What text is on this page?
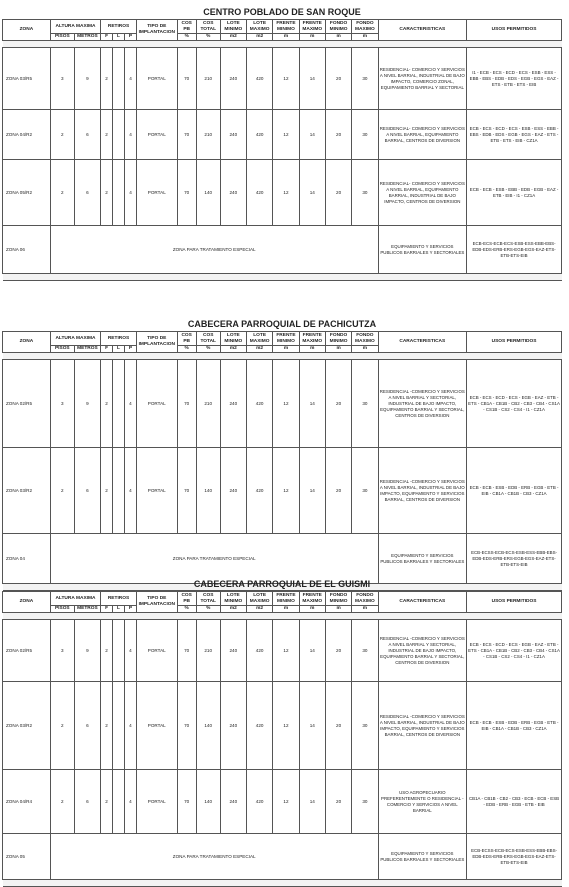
CENTRO POBLADO DE SAN ROQUE																
ZONA	ALTURA MAXIMA		RETIROS			TIPO DE IMPLANTACION	COS PB	COS TOTAL	LOTE MINIMO	LOTE MAXIMO	FRENTE MINIMO	FRENTE MAXIMO	FONDO MINIMO	FONDO MAXIMO	CARACTERISTICAS	USOS PERMITIDOS
	PISOS	METROS	F	L	P		%	%	m2	m2	m	m	m	m		

ZONA 03/R5	3	9	2		4	PORTAL	70	210	240	420	12	14	20	30	RESIDENCIAL- COMERCIO Y SERVICIOS A NIVEL BARRIAL, INDUSTRIAL DE BAJO IMPACTO, COMERCIO ZONAL, EQUIPAMIENTO BARRIAL Y SECTORIAL	I1 - ECB - ECS - ECD - ECS - ESB - ESS - EBB - EBS - EDB - EDS - EGB - EGS - EAZ - ETS - ETB - ETS - EIB
ZONA 04/R2	2	6	2		4	PORTAL	70	210	240	420	12	14	20	30	RESIDENCIAL- COMERCIO Y SERVICIOS A NIVEL BARRIAL, EQUIPAMIENTO BARRIAL, CENTROS DE DIVERSION	ECB - ECS - ECD - ECS - ESB - ESS - EBB - EBS - EDB - EDS - EGB - EGS - EAZ - ETS - ETB - ETS - EIB - CZ1A
ZONA 05/R2	2	6	2		4	PORTAL	70	140	240	420	12	14	20	30	RESIDENCIAL- COMERCIO Y SERVICIOS A NIVEL BARRIAL, EQUIPAMIENTO BARRIAL, INDUSTRIAL DE BAJO IMPACTO, CENTROS DE DIVERSION	ECB - ECB - ESB - EBB - EDB - EGB - EAZ - ETB - EIB - I1 - CZ1A
ZONA 06	ZONA PARA TRATAMIENTO ESPECIAL														EQUIPAMIENTO Y SERVICIOS PUBLICOS BARRIALES Y SECTORIALES	ECB-ECS-ECB-ECS-ESB-ESS-EBB-EBS-EDB-EDS-ERB-ERS-EGB-EGS-EAZ-ETS-ETB-ETS-EIB

CABECERA PARROQUIAL DE PACHICUTZA																
ZONA	ALTURA MAXIMA		RETIROS			TIPO DE IMPLANTACION	COS PB	COS TOTAL	LOTE MINIMO	LOTE MAXIMO	FRENTE MINIMO	FRENTE MAXIMO	FONDO MINIMO	FONDO MAXIMO	CARACTERISTICAS	USOS PERMITIDOS
	PISOS	METROS	F	L	P		%	%	m2	m2	m	m	m	m		

ZONA 02/R5	3	9	2		4	PORTAL	70	210	240	420	12	14	20	30	RESIDENCIAL -COMERCIO Y SERVICIOS A NIVEL BARRIAL Y SECTORIAL, INDUSTRIAL DE BAJO IMPACTO, EQUIPAMIENTO BARRIAL Y SECTORIAL, CENTROS DE DIVERSION	ECB - ECS - ECD - ECS - EGB - EAZ - ETB - ETS - CB1A - CB1B - CB2 - CB3 - CB4 - CS1A - CS1B - CS2 - CS4 - I1 - CZ1A
ZONA 03/R2	2	6	2		4	PORTAL	70	140	240	420	12	14	20	30	RESIDENCIAL -COMERCIO Y SERVICIOS A NIVEL BARRIAL, INDUSTRIAL DE BAJO IMPACTO, EQUIPAMIENTO Y SERVICIOS BARRIAL, CENTROS DE DIVERSION	ECB - ECB - ESB - EDB - ERB - EGB - ETB - EIB - CB1A - CB1B - CB3 - CZ1A
ZONA 04	ZONA PARA TRATAMIENTO ESPECIAL														EQUIPAMIENTO Y SERVICIOS PUBLICOS BARRIALES Y SECTORIALES	ECB-ECSS-ECB-ECS-ESB-ESS-EBB-EBS-EDB-EDS-ERB-ERS-EGB-EGS-EAZ-ETS-ETB-ETS-EIB

CABECERA PARROQUIAL DE EL GUISMI																
ZONA	ALTURA MAXIMA		RETIROS			TIPO DE IMPLANTACION	COS PB	COS TOTAL	LOTE MINIMO	LOTE MAXIMO	FRENTE MINIMO	FRENTE MAXIMO	FONDO MINIMO	FONDO MAXIMO	CARACTERISTICAS	USOS PERMITIDOS
	PISOS	METROS	F	L	P		%	%	m2	m2	m	m	m	m		

ZONA 02/R5	3	9	2		4	PORTAL	70	210	240	420	12	14	20	30	RESIDENCIAL -COMERCIO Y SERVICIOS A NIVEL BARRIAL Y SECTORIAL, INDUSTRIAL DE BAJO IMPACTO, EQUIPAMIENTO BARRIAL Y SECTORIAL, CENTROS DE DIVERSION	ECB - ECS - ECD - ECS - EGB - EAZ - ETB - ETS - CB1A - CB1B - CB2 - CB3 - CB4 - CS1A - CS1B - CS2 - CS4 - I1 - CZ1A
ZONA 03/R2	2	6	2		4	PORTAL	70	140	240	420	12	14	20	30	RESIDENCIAL -COMERCIO Y SERVICIOS A NIVEL BARRIAL, INDUSTRIAL DE BAJO IMPACTO, EQUIPAMIENTO Y SERVICIOS BARRIAL, CENTROS DE DIVERSION	ECB - ECB - ESB - EDB - ERB - EGB - ETB - EIB - CB1A - CB1B - CB3 - CZ1A
ZONA 04/R4	2	6	2		4	PORTAL	70	140	240	420	12	14	20	30	USO AGROPECUARIO PREFERENTEMENTE O RESIDENCIAL -COMERCIO Y SERVICIOS A NIVEL BARRIAL	CB1A - CB1B - CB2 - CB3 - ECB - ECB - ESB - EDB - ERB - EGB - ETB - EIB
ZONA 05	ZONA PARA TRATAMIENTO ESPECIAL														EQUIPAMIENTO Y SERVICIOS PUBLICOS BARRIALES Y SECTORIALES	ECB-ECSS-ECB-ECS-ESB-ESS-EBB-EBS-EDB-EDS-ERB-ERS-EGB-EGS-EAZ-ETS-ETB-ETS-EIB
